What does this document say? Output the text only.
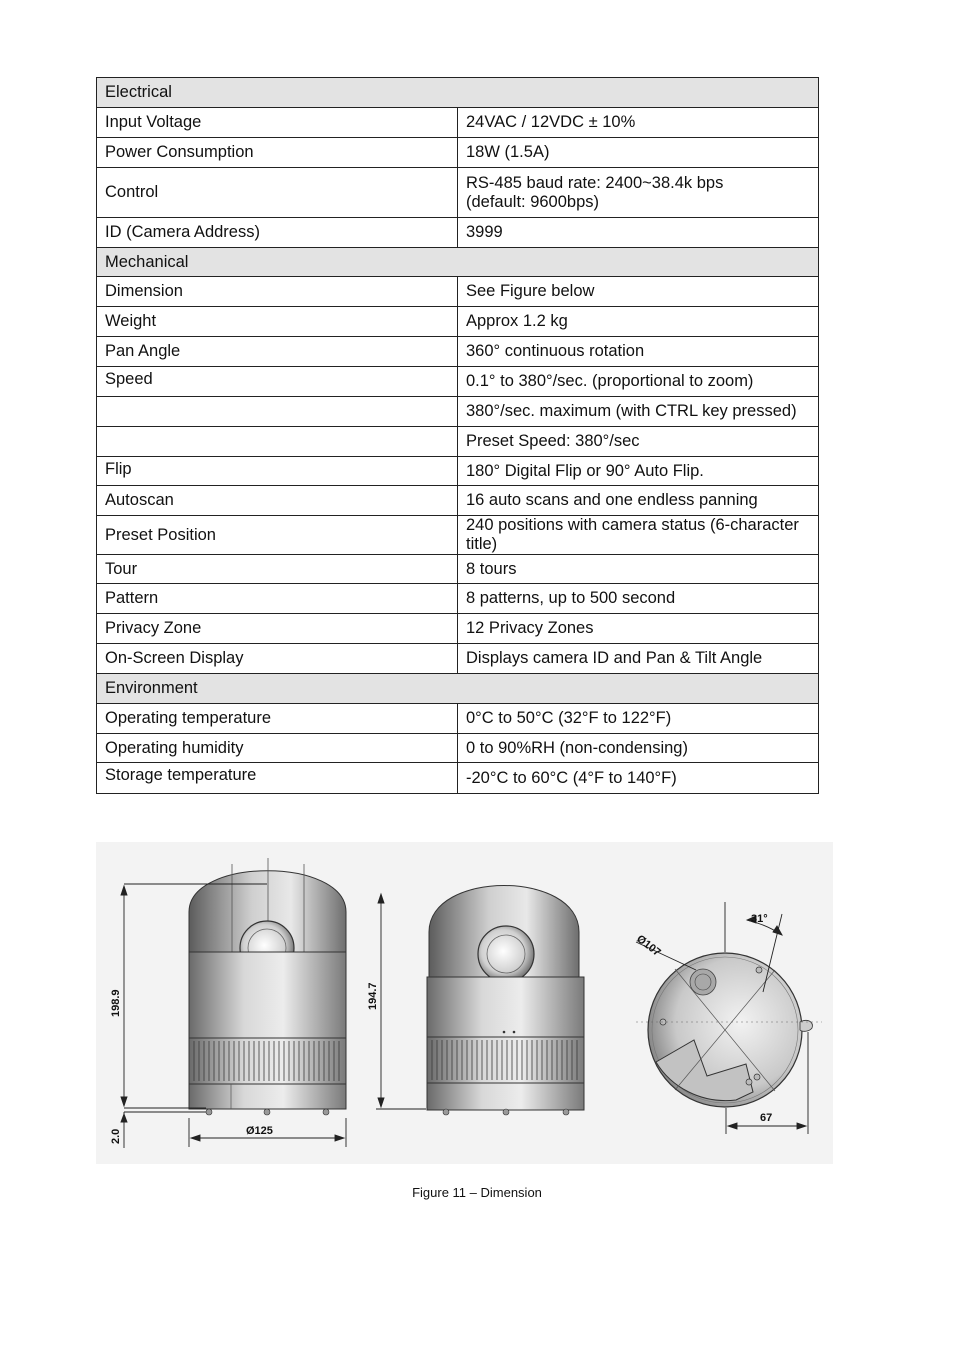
Electrical	
Input Voltage	24VAC / 12VDC ± 10%
Power Consumption	18W (1.5A)
Control	RS-485 baud rate: 2400~38.4k bps
(default: 9600bps)
ID (Camera Address)	3999
Mechanical	
Dimension	See Figure below
Weight	Approx 1.2 kg
Pan Angle	360° continuous rotation
Speed	0.1° to 380°/sec. (proportional to zoom)
	380°/sec. maximum (with CTRL key pressed)
	Preset Speed: 380°/sec
Flip	180° Digital Flip or 90° Auto Flip.
Autoscan	16 auto scans and one endless panning
Preset Position	240 positions with camera status (6-character title)
Tour	8 tours
Pattern	8 patterns, up to 500 second
Privacy Zone	12 Privacy Zones
On-Screen Display	Displays camera ID and Pan & Tilt Angle
Environment	
Operating temperature	0°C to 50°C (32°F to 122°F)
Operating humidity	0 to 90%RH (non-condensing)
Storage temperature	-20°C to 60°C (4°F to 140°F)
198.9
2.0	Ø125
194.7
31°
Ø107
67
Figure 11 – Dimension
